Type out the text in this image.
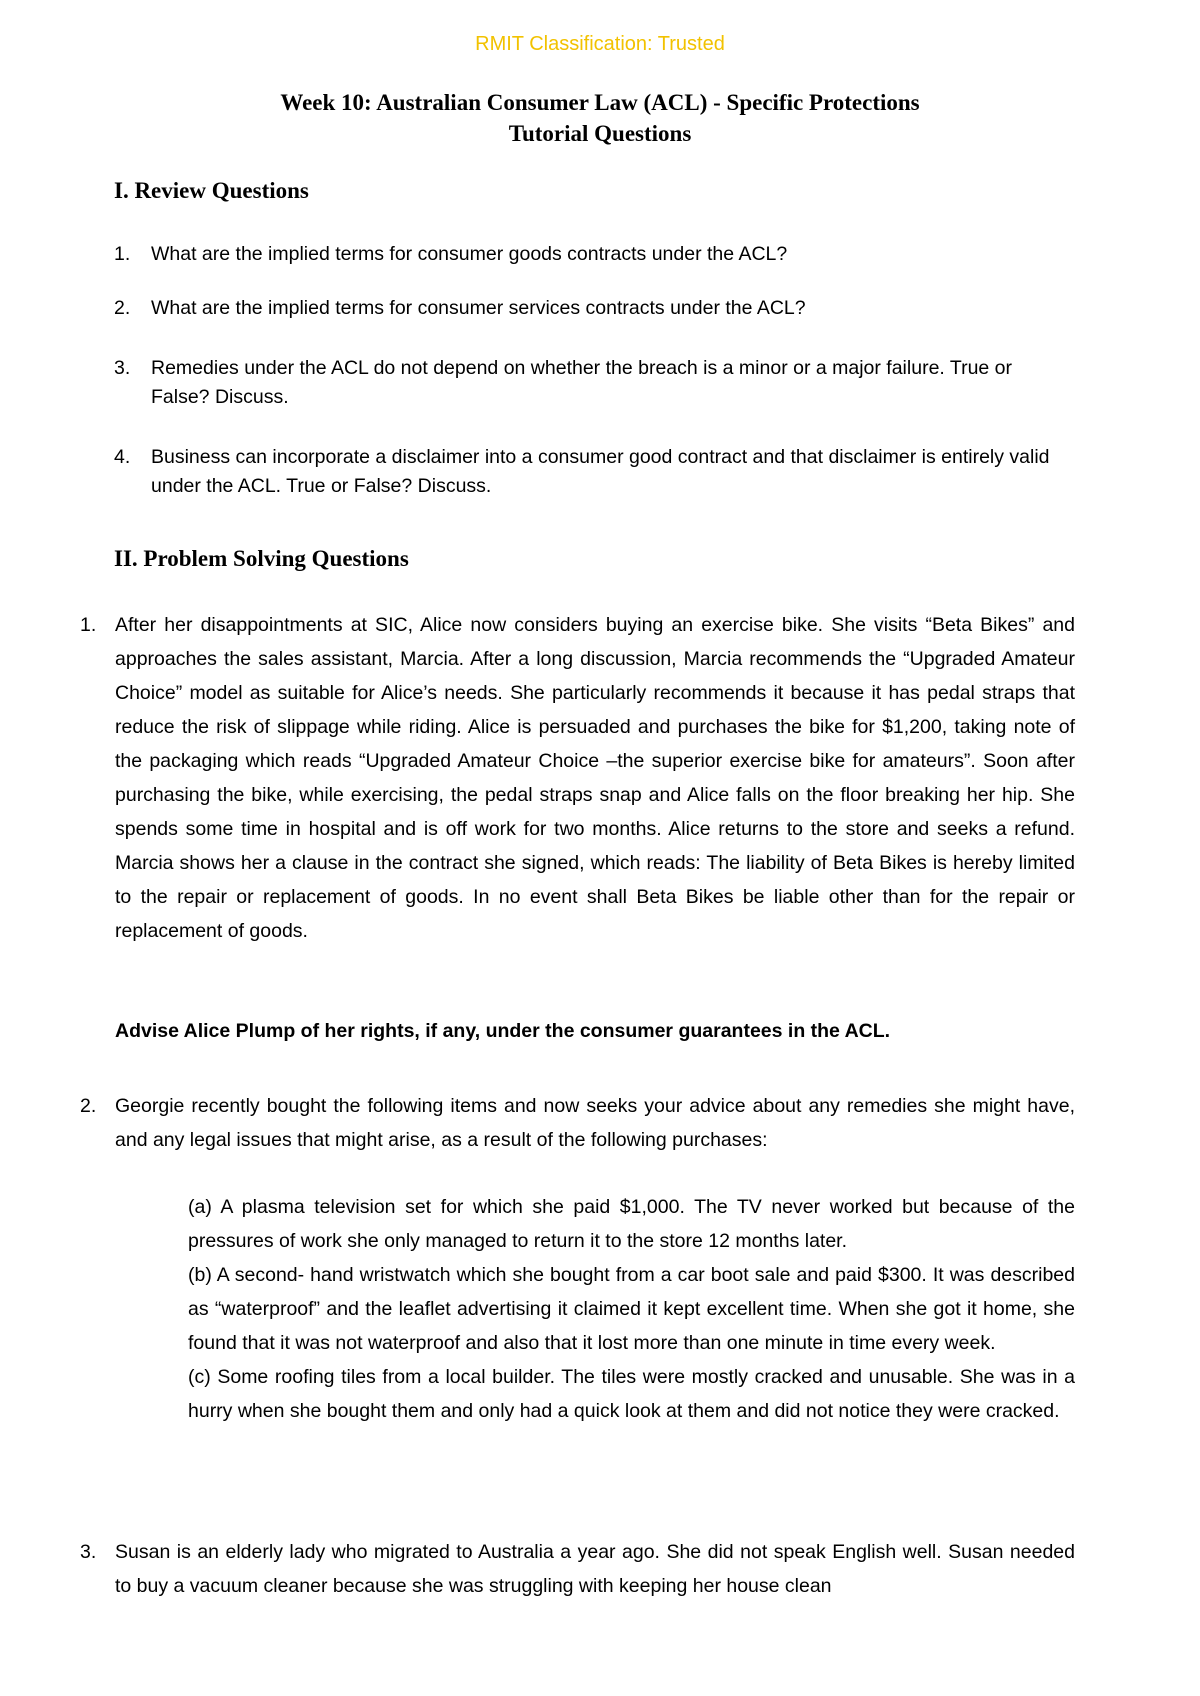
RMIT Classification: Trusted
Week 10: Australian Consumer Law (ACL) - Specific Protections
Tutorial Questions
I. Review Questions
1. What are the implied terms for consumer goods contracts under the ACL?
2. What are the implied terms for consumer services contracts under the ACL?
3. Remedies under the ACL do not depend on whether the breach is a minor or a major failure. True or False? Discuss.
4. Business can incorporate a disclaimer into a consumer good contract and that disclaimer is entirely valid under the ACL. True or False? Discuss.
II. Problem Solving Questions
1. After her disappointments at SIC, Alice now considers buying an exercise bike. She visits “Beta Bikes” and approaches the sales assistant, Marcia. After a long discussion, Marcia recommends the “Upgraded Amateur Choice” model as suitable for Alice’s needs. She particularly recommends it because it has pedal straps that reduce the risk of slippage while riding. Alice is persuaded and purchases the bike for $1,200, taking note of the packaging which reads “Upgraded Amateur Choice –the superior exercise bike for amateurs”. Soon after purchasing the bike, while exercising, the pedal straps snap and Alice falls on the floor breaking her hip. She spends some time in hospital and is off work for two months. Alice returns to the store and seeks a refund. Marcia shows her a clause in the contract she signed, which reads: The liability of Beta Bikes is hereby limited to the repair or replacement of goods. In no event shall Beta Bikes be liable other than for the repair or replacement of goods.
Advise Alice Plump of her rights, if any, under the consumer guarantees in the ACL.
2. Georgie recently bought the following items and now seeks your advice about any remedies she might have, and any legal issues that might arise, as a result of the following purchases:

(a) A plasma television set for which she paid $1,000. The TV never worked but because of the pressures of work she only managed to return it to the store 12 months later.

(b) A second- hand wristwatch which she bought from a car boot sale and paid $300. It was described as “waterproof” and the leaflet advertising it claimed it kept excellent time. When she got it home, she found that it was not waterproof and also that it lost more than one minute in time every week.

(c) Some roofing tiles from a local builder. The tiles were mostly cracked and unusable. She was in a hurry when she bought them and only had a quick look at them and did not notice they were cracked.

3. Susan is an elderly lady who migrated to Australia a year ago. She did not speak English well. Susan needed to buy a vacuum cleaner because she was struggling with keeping her house clean
